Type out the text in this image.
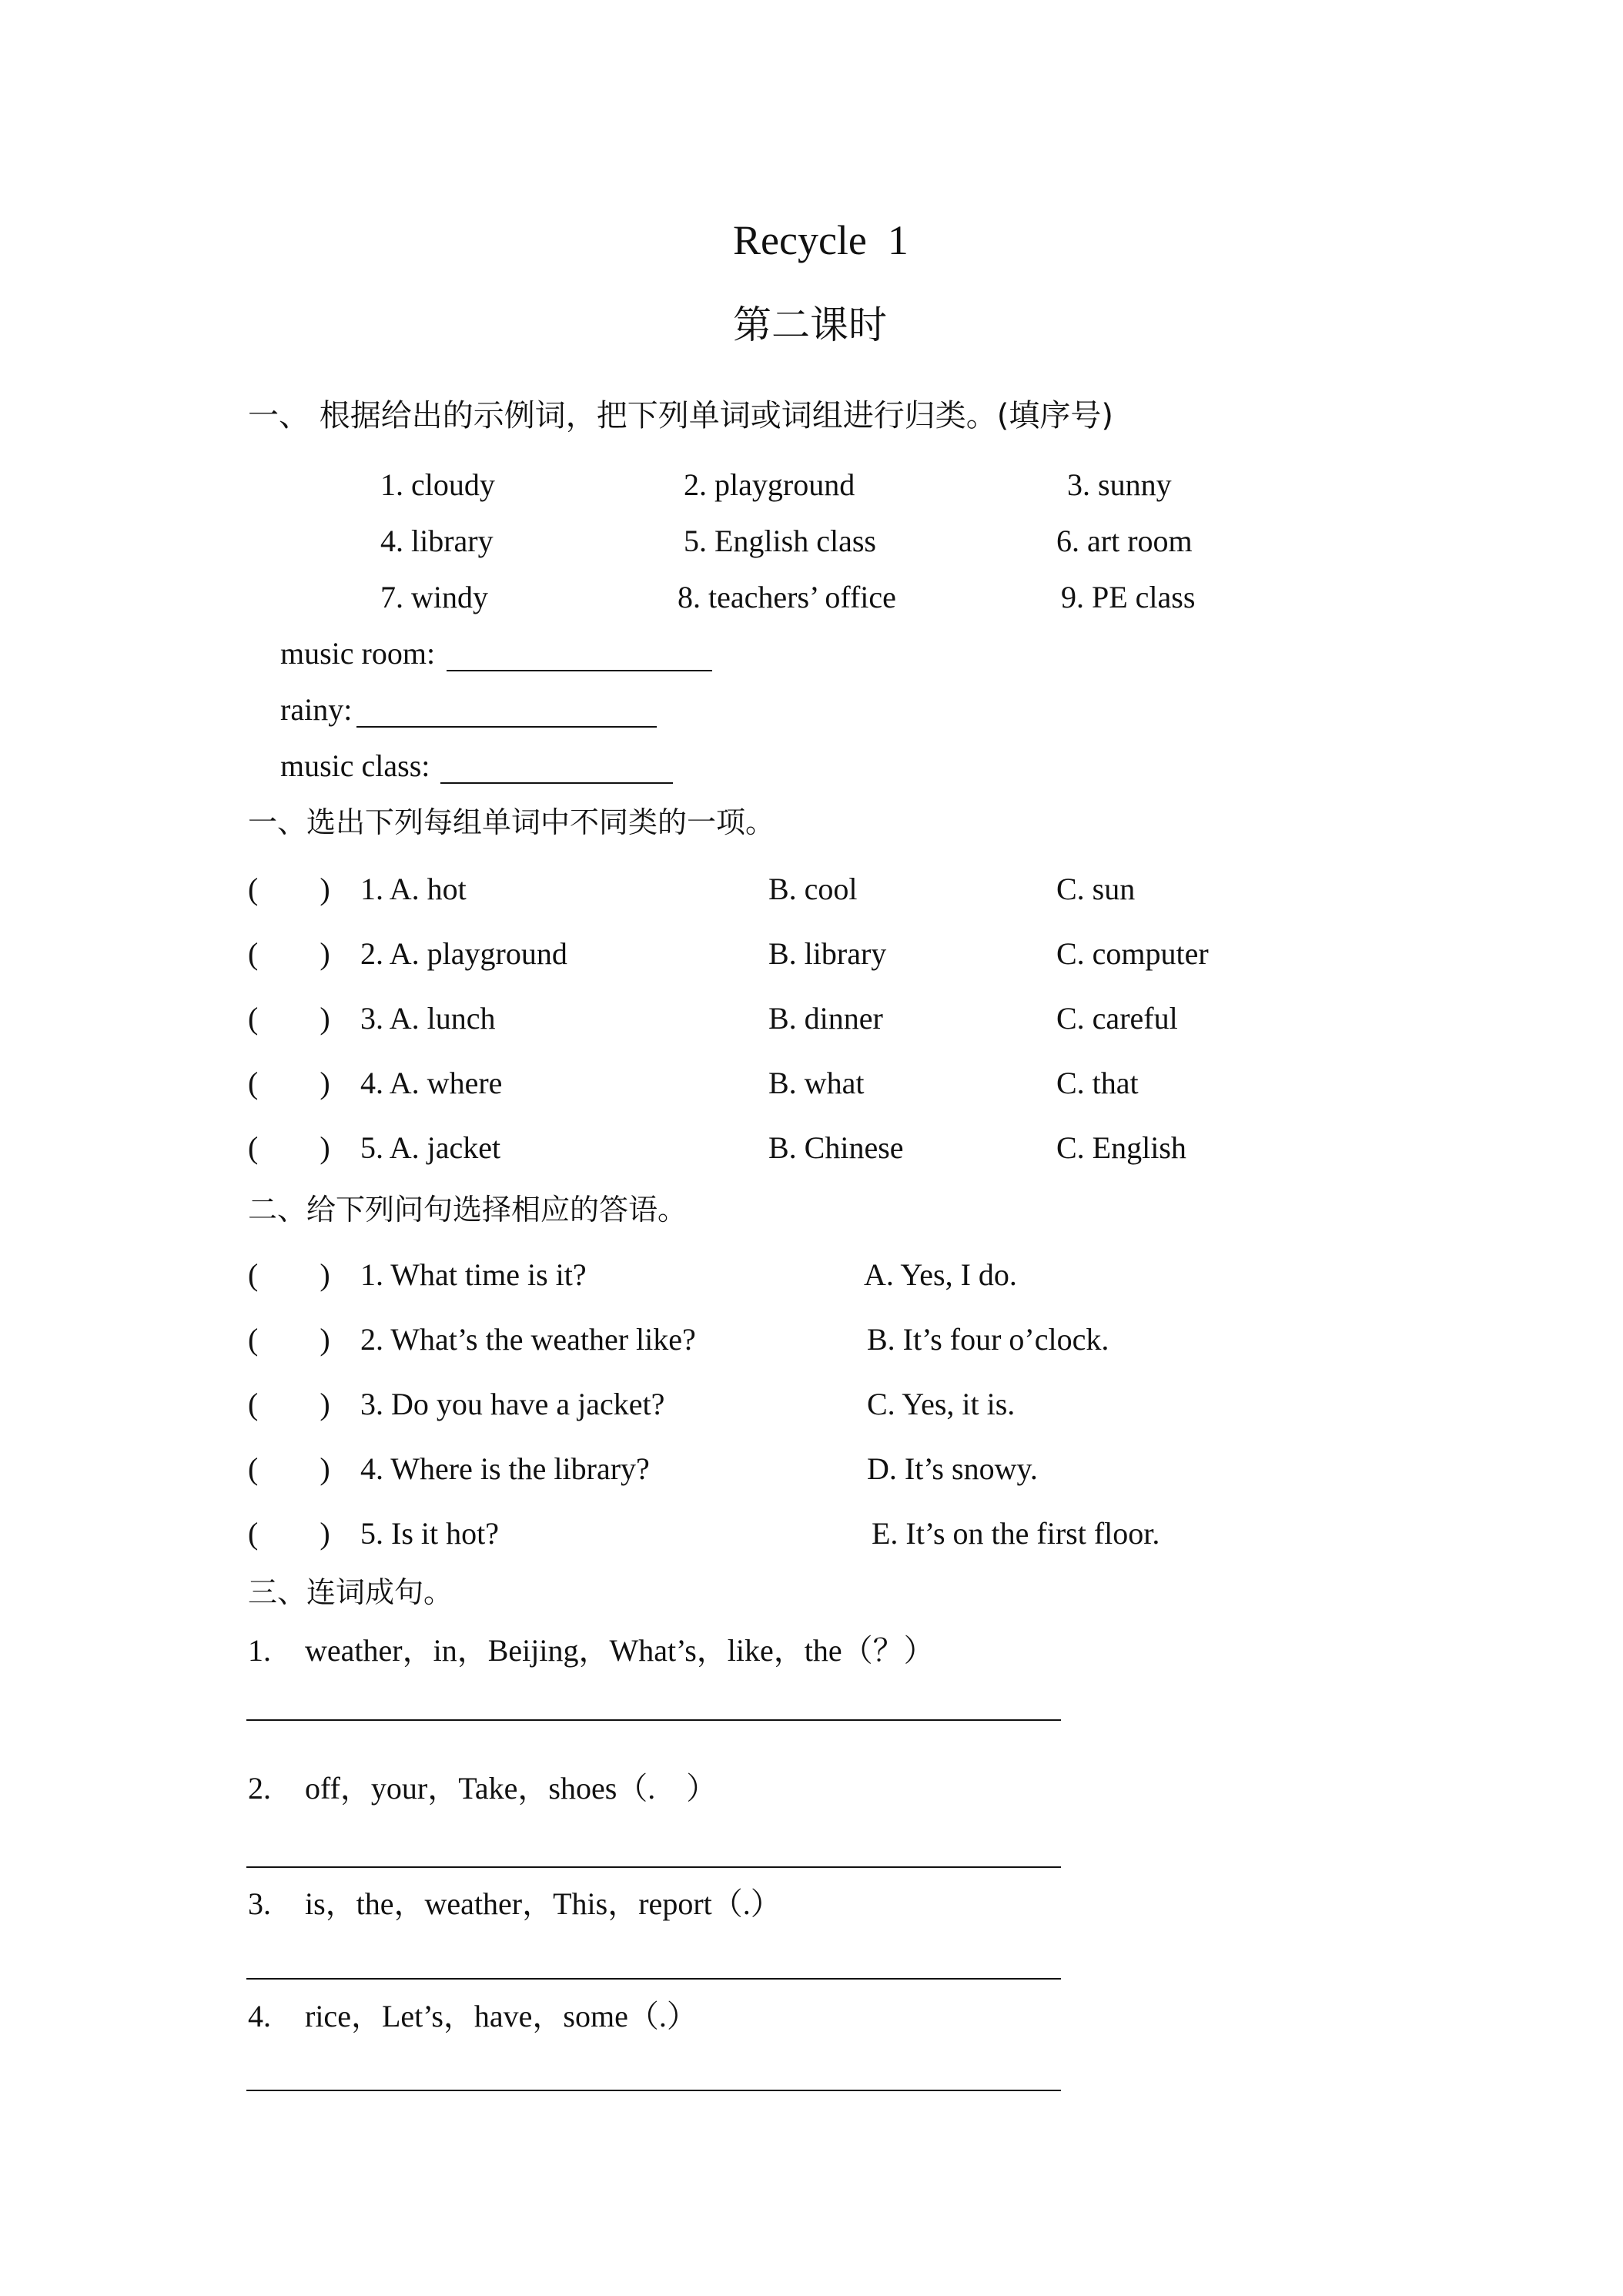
Recycle  1
第二课时
一、 根据给出的示例词，把下列单词或词组进行归类。(填序号)
1. cloudy	2. playground	3. sunny
4. library	5. English class	6. art room
7. windy	8. teachers’ office	9. PE class
music room:
rainy:
music class:
一、选出下列每组单词中不同类的一项。
(        ) 1. A. hot	B. cool	C. sun
(        ) 2. A. playground	B. library	C. computer
(        ) 3. A. lunch	B. dinner	C. careful
(        ) 4. A. where	B. what	C. that
(        ) 5. A. jacket	B. Chinese	C. English
二、给下列问句选择相应的答语。
(        ) 1. What time is it?	A. Yes, I do.
(        ) 2. What’s the weather like?	B. It’s four o’clock.
(        ) 3. Do you have a jacket?	C. Yes, it is.
(        ) 4. Where is the library?	D. It’s snowy.
(        ) 5. Is it hot?	E. It’s on the first floor.
三、连词成句。
1. weather，in，Beijing，What’s，like，the（？）
2. off，your，Take，shoes（.    ）
3. is，the，weather，This，report（.）
4. rice，Let’s，have，some（.）
